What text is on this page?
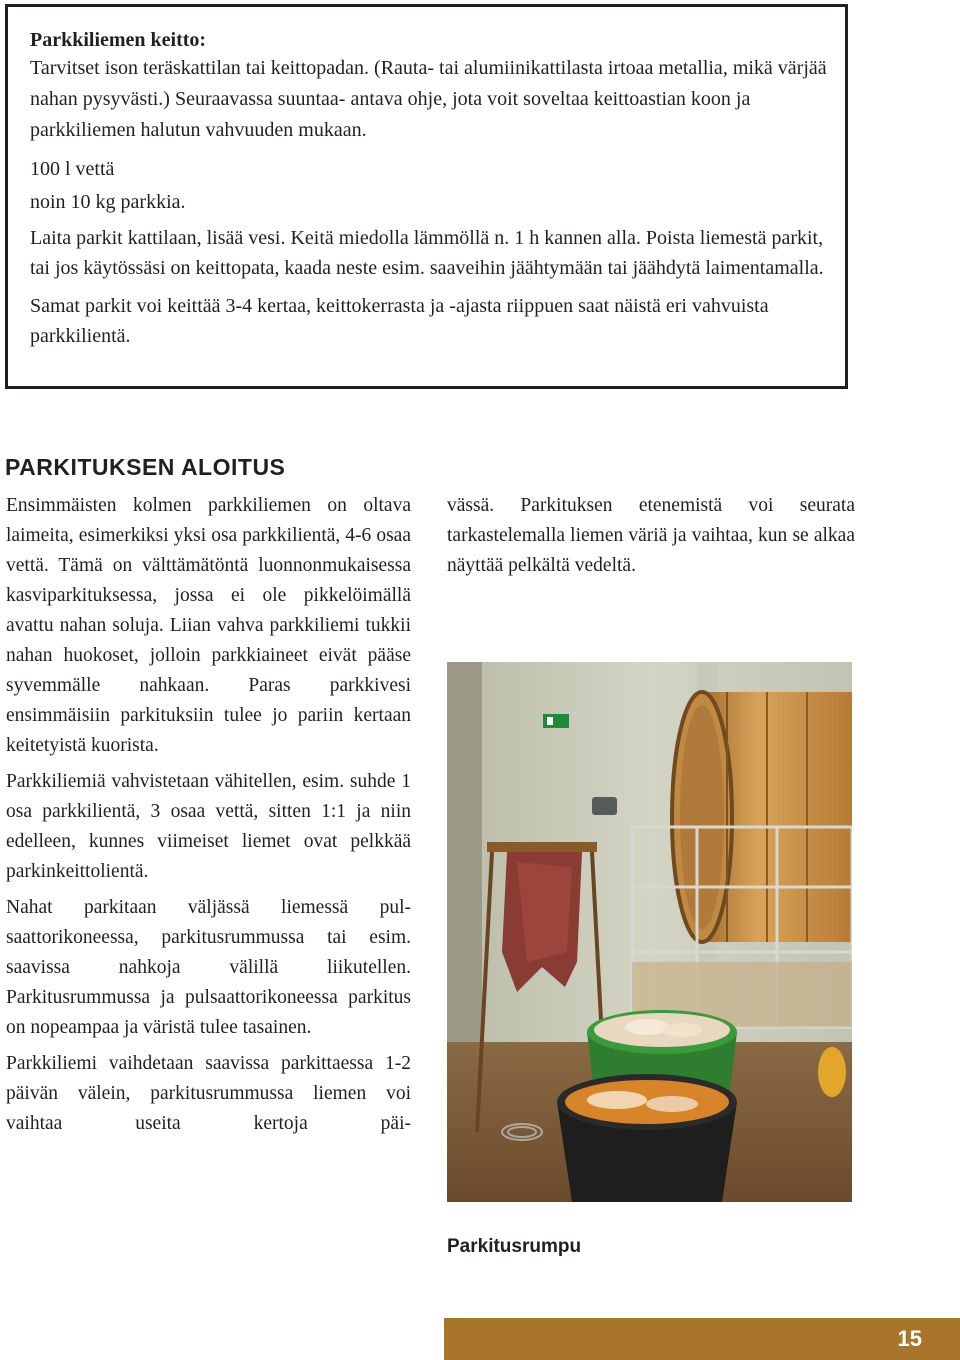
Parkkiliemen keitto:

Tarvitset ison teräskattilan tai keittopadan. (Rauta- tai alumiinikattilasta irtoaa metallia, mikä värjää nahan pysyvästi.) Seuraavassa suuntaa- antava ohje, jota voit soveltaa keittoastian koon ja parkkiliemen halutun vahvuuden mukaan.

100 l vettä

noin 10 kg parkkia.

Laita parkit kattilaan, lisää vesi. Keitä miedolla lämmöllä n. 1 h kannen alla. Poista liemestä parkit, tai jos käytössäsi on keittopata, kaada neste esim. saaveihin jäähtymään tai jäähdytä laimentamalla.

Samat parkit voi keittää 3-4 kertaa, keittokerrasta ja -ajasta riippuen saat näistä eri vahvuista parkkilientä.

PARKITUKSEN ALOITUS

Ensimmäisten kolmen parkkiliemen on oltava laimeita, esimerkiksi yksi osa parkkilientä, 4-6 osaa vettä. Tämä on välttämätöntä luonnonmukaisessa kasviparkituksessa, jossa ei ole pikkelöimällä avattu nahan soluja. Liian vahva parkkiliemi tukkii nahan huokoset, jolloin parkkiaineet eivät pääse syvemmälle nahkaan. Paras parkkivesi ensimmäisiin parkituksiin tulee jo pariin kertaan keitetyistä kuorista.

Parkkiliemiä vahvistetaan vähitellen, esim. suhde 1 osa parkkilientä, 3 osaa vettä, sitten 1:1 ja niin edelleen, kunnes viimeiset liemet ovat pelkkää parkinkeittolientä.

Nahat parkitaan väljässä liemessä pulsaattorikoneessa, parkitusrummussa tai esim. saavissa nahkoja välillä liikutellen. Parkitusrummussa ja pulsaattorikoneessa parkitus on nopeampaa ja väristä tulee tasainen.

Parkkiliemi vaihdetaan saavissa parkittaessa 1-2 päivän välein, parkitusrummussa liemen voi vaihtaa useita kertoja päi-

vässä. Parkituksen etenemistä voi seurata tarkastelemalla liemen väriä ja vaihtaa, kun se alkaa näyttää pelkältä vedeltä.

Parkitusrumpu

15
